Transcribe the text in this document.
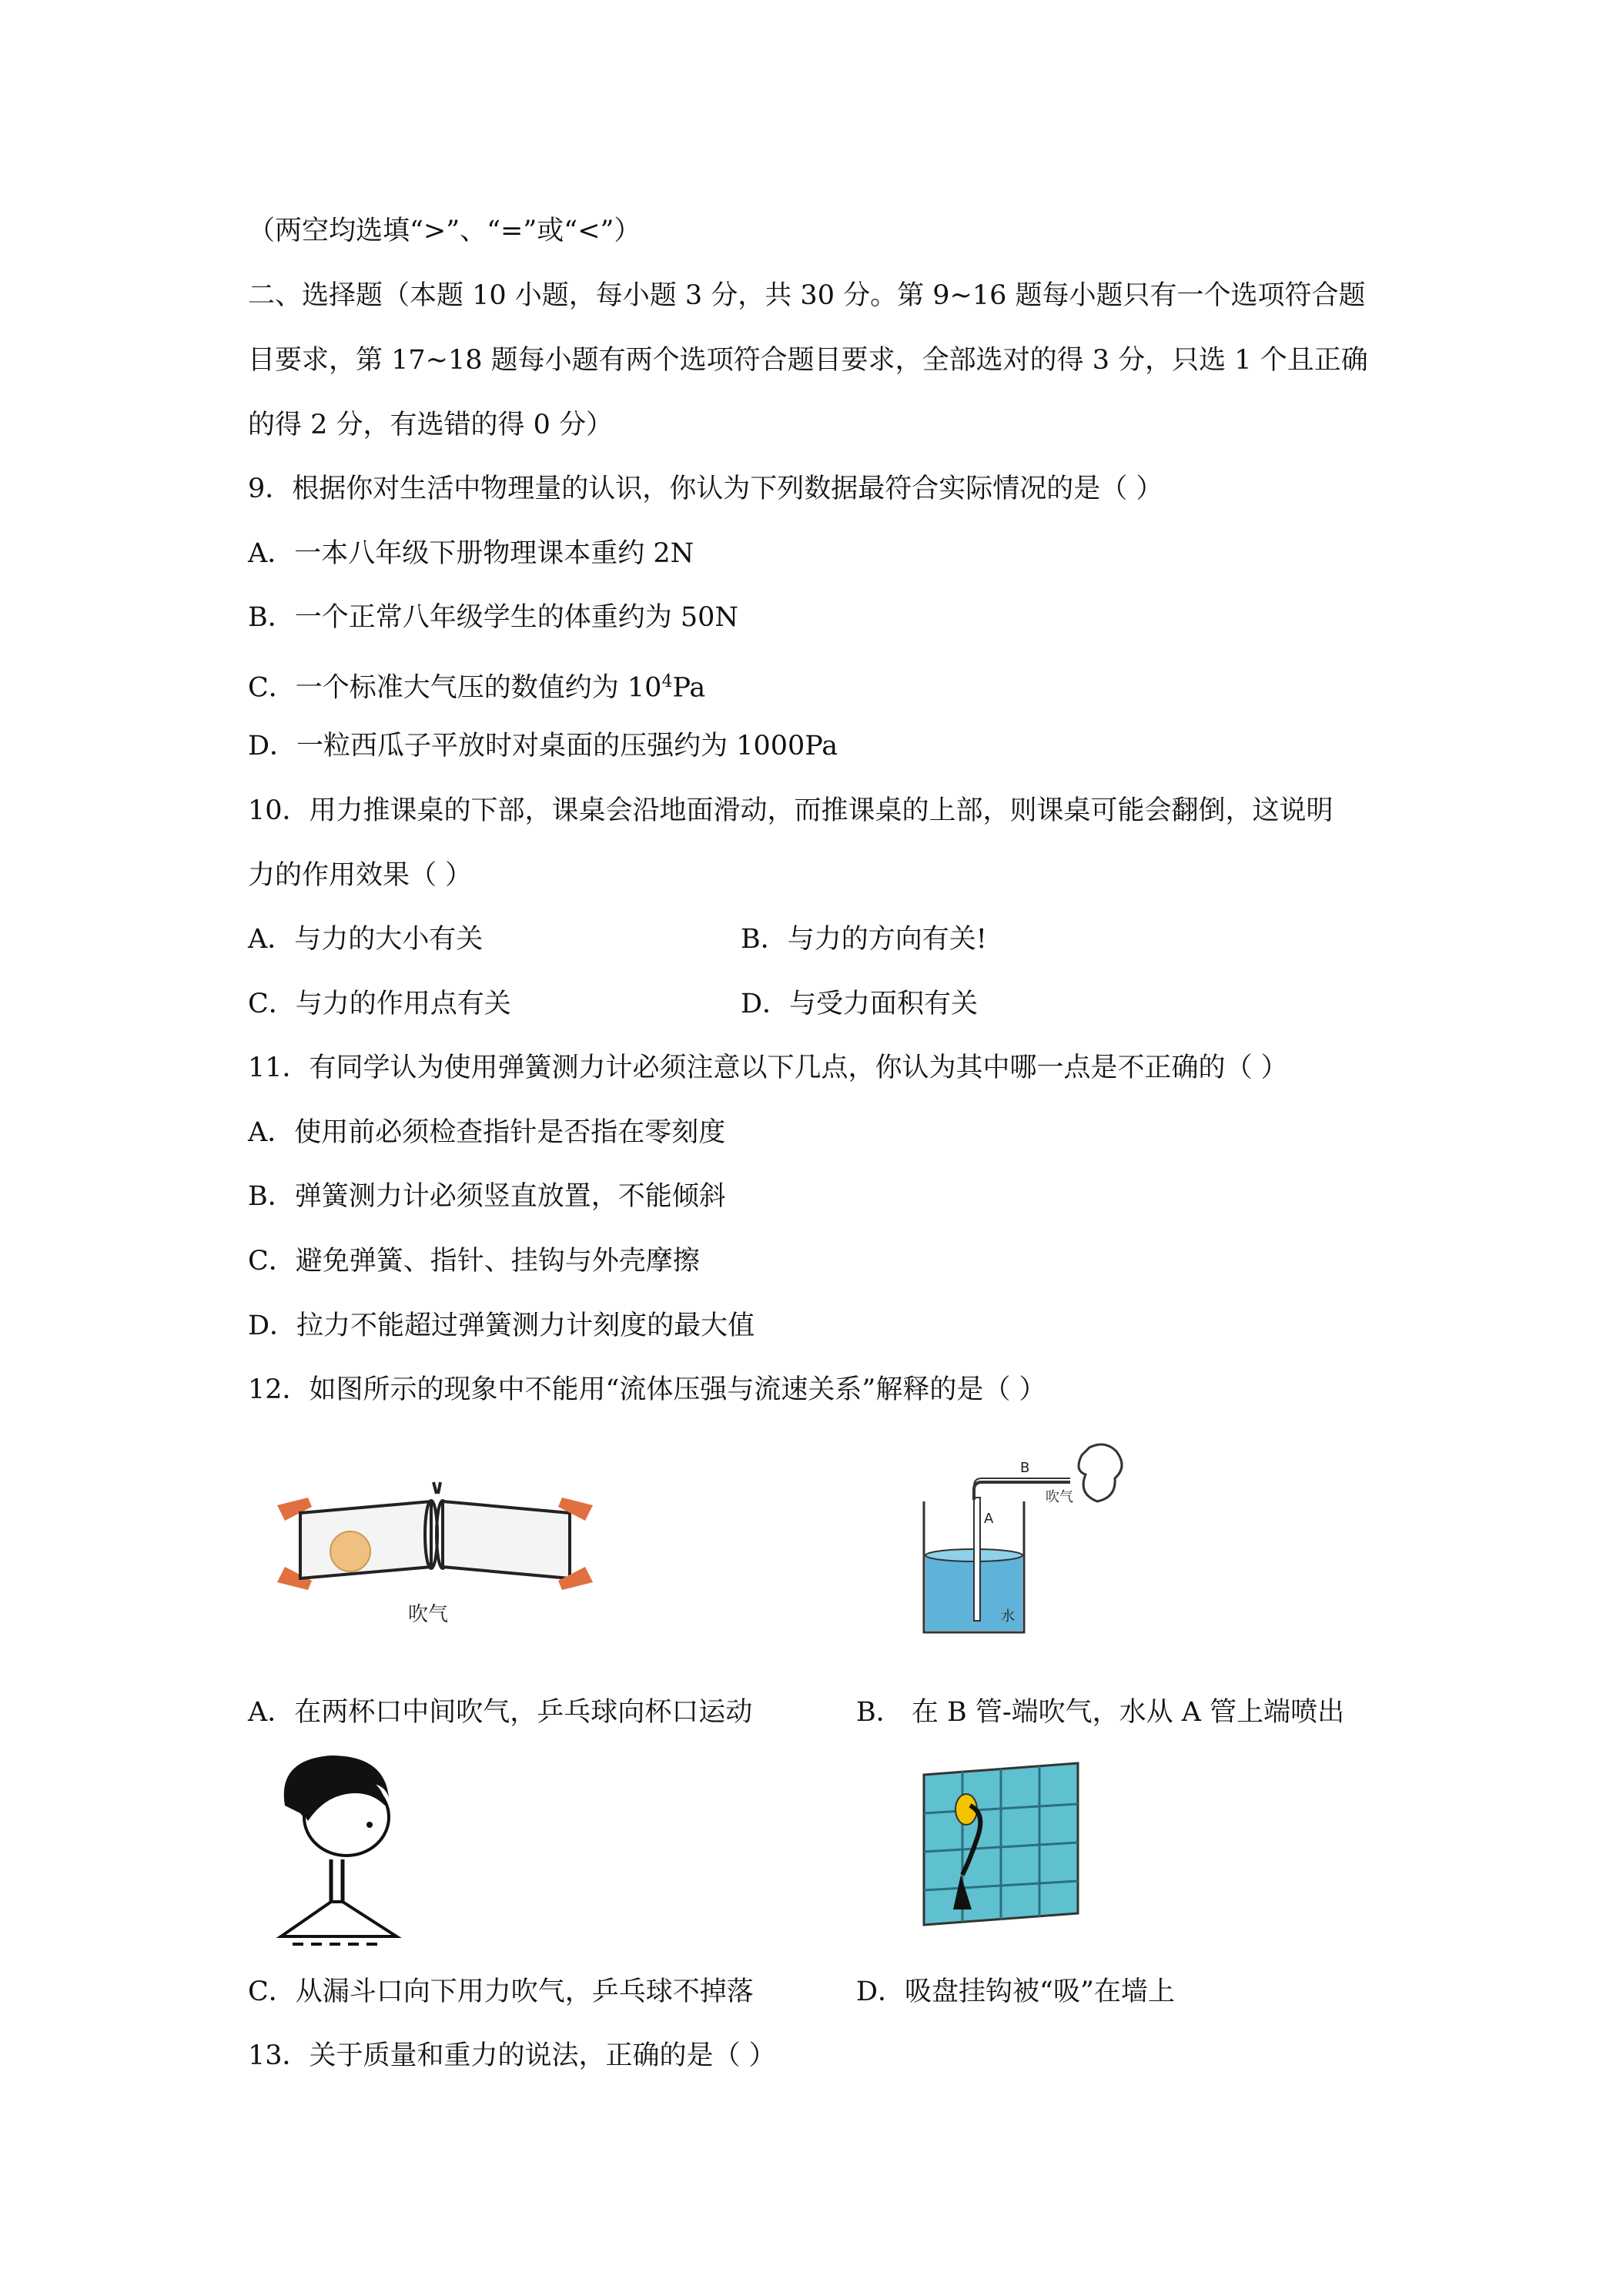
（两空均选填“>”、“=”或“<”）
二、选择题（本题 10 小题，每小题 3 分，共 30 分。第 9~16 题每小题只有一个选项符合题
目要求，第 17~18 题每小题有两个选项符合题目要求，全部选对的得 3 分，只选 1 个且正确
的得 2 分，有选错的得 0 分）
9．根据你对生活中物理量的认识，你认为下列数据最符合实际情况的是（ ）
A．一本八年级下册物理课本重约 2N
B．一个正常八年级学生的体重约为 50N
C．一个标准大气压的数值约为 $10^4Pa$
D．一粒西瓜子平放时对桌面的压强约为 1000Pa
10．用力推课桌的下部，课桌会沿地面滑动，而推课桌的上部，则课桌可能会翻倒，这说明
力的作用效果（ ）
A．与力的大小有关	B．与力的方向有关!
C．与力的作用点有关	D．与受力面积有关
11．有同学认为使用弹簧测力计必须注意以下几点，你认为其中哪一点是不正确的（ ）
A．使用前必须检查指针是否指在零刻度
B．弹簧测力计必须竖直放置，不能倾斜
C．避免弹簧、指针、挂钩与外壳摩擦
D．拉力不能超过弹簧测力计刻度的最大值
12．如图所示的现象中不能用“流体压强与流速关系”解释的是（ ）
吹气
B
A
吹气
水
A．在两杯口中间吹气，乒乓球向杯口运动	B． 在 B 管-端吹气，水从 A 管上端喷出
C．从漏斗口向下用力吹气，乒乓球不掉落	D．吸盘挂钩被“吸”在墙上
13．关于质量和重力的说法，正确的是（ ）
